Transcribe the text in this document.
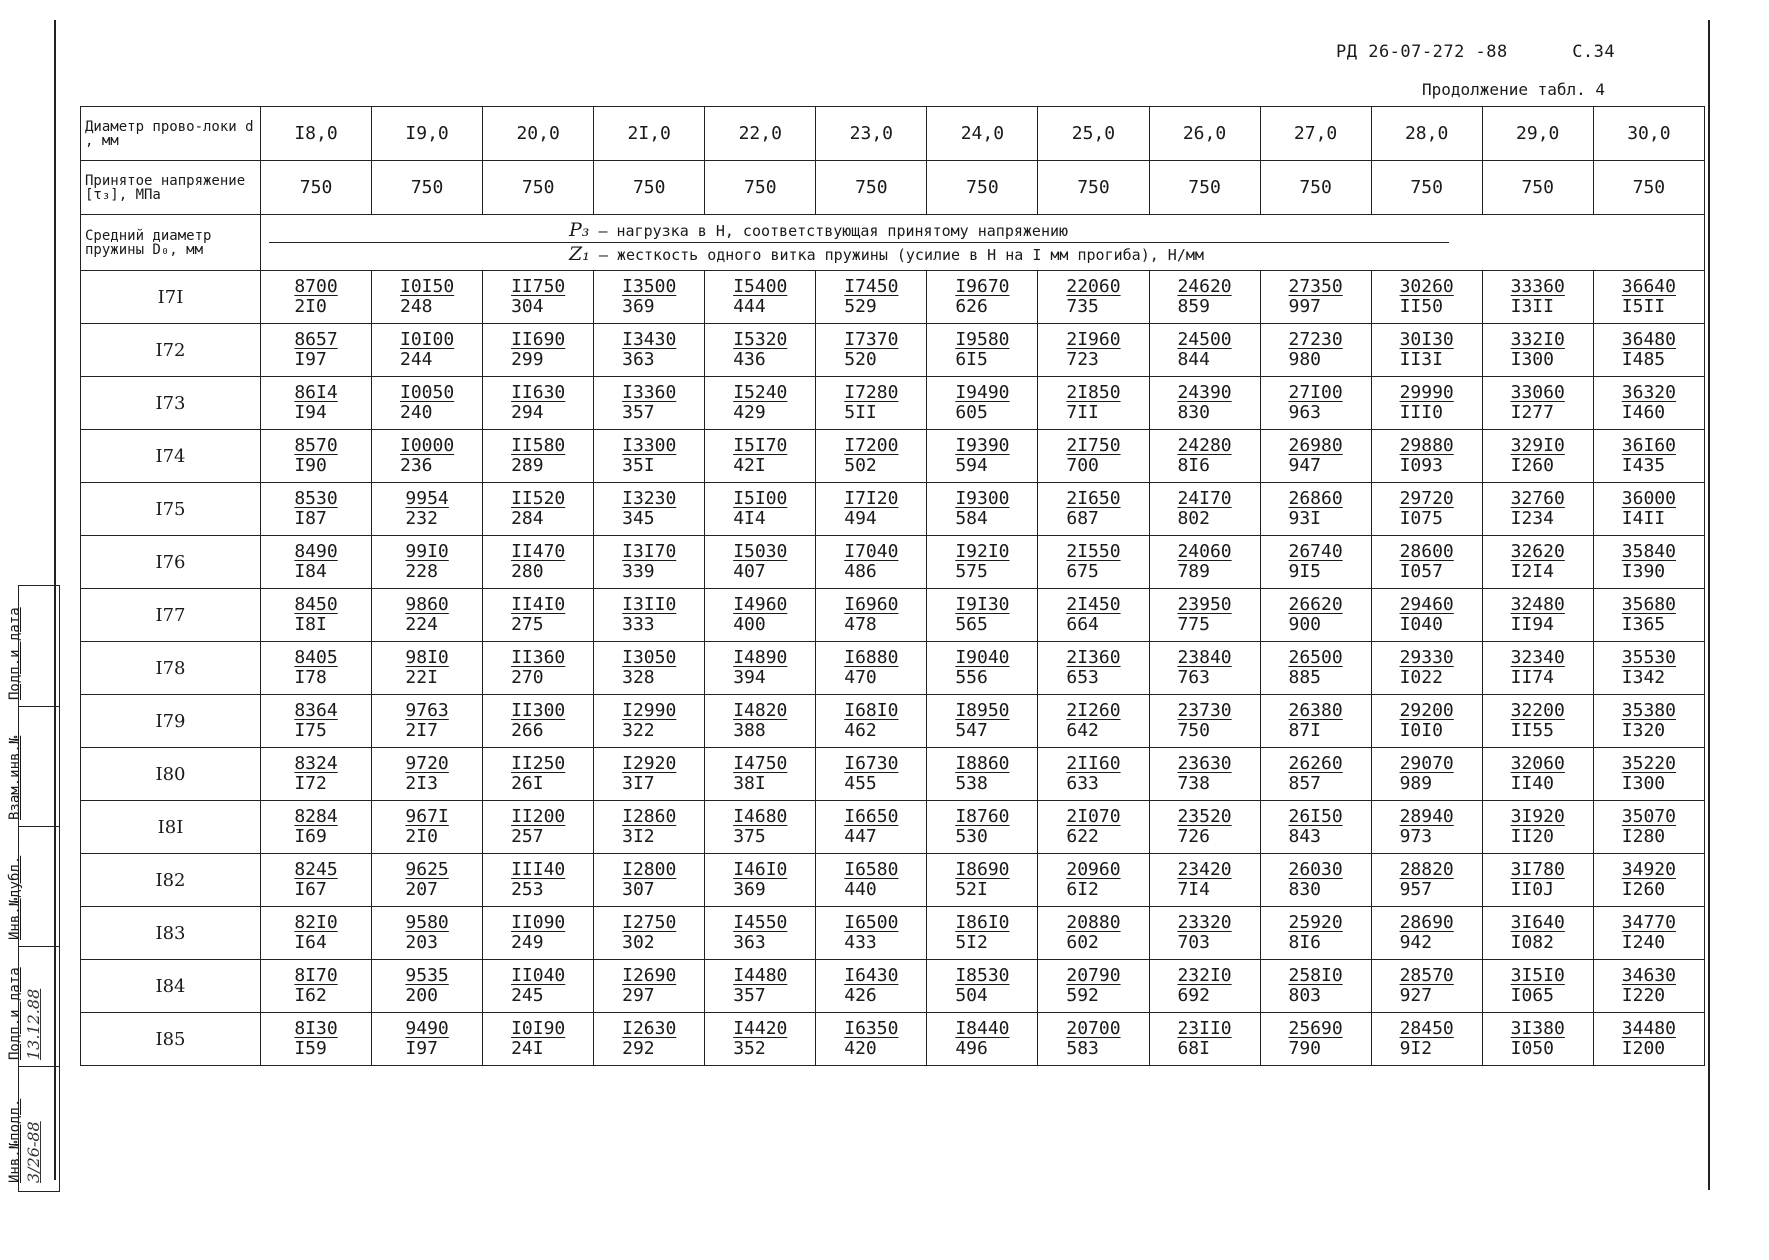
РД 26-07-272 -88	С.34
Продолжение табл. 4
Диаметр прово-локи d , мм	I8,0	I9,0	20,0	2I,0	22,0	23,0	24,0	25,0	26,0	27,0	28,0	29,0	30,0
Принятое напряжение [τ₃], МПа	750	750	750	750	750	750	750	750	750	750	750	750	750
Средний диаметр пружины D₀, мм	P₃ – нагрузка в Н, соответствующая принятому напряжению
Z₁ – жесткость одного витка пружины (усилие в Н на I мм прогиба), Н/мм												

I7I	$\frac{8700}{2I0}$	$\frac{I0I50}{248}$	$\frac{II750}{304}$	$\frac{I3500}{369}$	$\frac{I5400}{444}$	$\frac{I7450}{529}$	$\frac{I9670}{626}$	$\frac{22060}{735}$	$\frac{24620}{859}$	$\frac{27350}{997}$	$\frac{30260}{II50}$	$\frac{33360}{I3II}$	$\frac{36640}{I5II}$

I72	$\frac{8657}{I97}$	$\frac{I0I00}{244}$	$\frac{II690}{299}$	$\frac{I3430}{363}$	$\frac{I5320}{436}$	$\frac{I7370}{520}$	$\frac{I9580}{6I5}$	$\frac{2I960}{723}$	$\frac{24500}{844}$	$\frac{27230}{980}$	$\frac{30I30}{II3I}$	$\frac{332I0}{I300}$	$\frac{36480}{I485}$

I73	$\frac{86I4}{I94}$	$\frac{I0050}{240}$	$\frac{II630}{294}$	$\frac{I3360}{357}$	$\frac{I5240}{429}$	$\frac{I7280}{5II}$	$\frac{I9490}{605}$	$\frac{2I850}{7II}$	$\frac{24390}{830}$	$\frac{27I00}{963}$	$\frac{29990}{\text{III0}}$	$\frac{33060}{I277}$	$\frac{36320}{I460}$

I74	$\frac{8570}{I90}$	$\frac{I0000}{236}$	$\frac{II580}{289}$	$\frac{I3300}{35I}$	$\frac{I5I70}{42I}$	$\frac{I7200}{502}$	$\frac{I9390}{594}$	$\frac{2I750}{700}$	$\frac{24280}{8I6}$	$\frac{26980}{947}$	$\frac{29880}{I093}$	$\frac{329I0}{I260}$	$\frac{36I60}{I435}$

I75	$\frac{8530}{I87}$	$\frac{9954}{232}$	$\frac{II520}{284}$	$\frac{I3230}{345}$	$\frac{I5I00}{4I4}$	$\frac{I7I20}{494}$	$\frac{I9300}{584}$	$\frac{2I650}{687}$	$\frac{24I70}{802}$	$\frac{26860}{93I}$	$\frac{29720}{I075}$	$\frac{32760}{I234}$	$\frac{36000}{I4II}$

I76	$\frac{8490}{I84}$	$\frac{99I0}{228}$	$\frac{II470}{280}$	$\frac{I3I70}{339}$	$\frac{I5030}{407}$	$\frac{I7040}{486}$	$\frac{I92I0}{575}$	$\frac{2I550}{675}$	$\frac{24060}{789}$	$\frac{26740}{9I5}$	$\frac{28600}{I057}$	$\frac{32620}{I2I4}$	$\frac{35840}{I390}$

I77	$\frac{8450}{I8I}$	$\frac{9860}{224}$	$\frac{II4I0}{275}$	$\frac{I3II0}{333}$	$\frac{I4960}{400}$	$\frac{I6960}{478}$	$\frac{I9I30}{565}$	$\frac{2I450}{664}$	$\frac{23950}{775}$	$\frac{26620}{900}$	$\frac{29460}{I040}$	$\frac{32480}{II94}$	$\frac{35680}{I365}$

I78	$\frac{8405}{I78}$	$\frac{98I0}{22I}$	$\frac{II360}{270}$	$\frac{I3050}{328}$	$\frac{I4890}{394}$	$\frac{I6880}{470}$	$\frac{I9040}{556}$	$\frac{2I360}{653}$	$\frac{23840}{763}$	$\frac{26500}{885}$	$\frac{29330}{I022}$	$\frac{32340}{II74}$	$\frac{35530}{I342}$

I79	$\frac{8364}{I75}$	$\frac{9763}{2I7}$	$\frac{II300}{266}$	$\frac{I2990}{322}$	$\frac{I4820}{388}$	$\frac{I68I0}{462}$	$\frac{I8950}{547}$	$\frac{2I260}{642}$	$\frac{23730}{750}$	$\frac{26380}{87I}$	$\frac{29200}{I0I0}$	$\frac{32200}{II55}$	$\frac{35380}{I320}$

I80	$\frac{8324}{I72}$	$\frac{9720}{2I3}$	$\frac{II250}{26I}$	$\frac{I2920}{3I7}$	$\frac{I4750}{38I}$	$\frac{I6730}{455}$	$\frac{I8860}{538}$	$\frac{2II60}{633}$	$\frac{23630}{738}$	$\frac{26260}{857}$	$\frac{29070}{989}$	$\frac{32060}{II40}$	$\frac{35220}{I300}$

I8I	$\frac{8284}{I69}$	$\frac{967I}{2I0}$	$\frac{II200}{257}$	$\frac{I2860}{3I2}$	$\frac{I4680}{375}$	$\frac{I6650}{447}$	$\frac{I8760}{530}$	$\frac{2I070}{622}$	$\frac{23520}{726}$	$\frac{26I50}{843}$	$\frac{28940}{973}$	$\frac{3I920}{II20}$	$\frac{35070}{I280}$

I82	$\frac{8245}{I67}$	$\frac{9625}{207}$	$\frac{\text{III40}}{253}$	$\frac{I2800}{307}$	$\frac{I46I0}{369}$	$\frac{I6580}{440}$	$\frac{I8690}{52I}$	$\frac{20960}{6I2}$	$\frac{23420}{7I4}$	$\frac{26030}{830}$	$\frac{28820}{957}$	$\frac{3I780}{II0J}$	$\frac{34920}{I260}$

I83	$\frac{82I0}{I64}$	$\frac{9580}{203}$	$\frac{II090}{249}$	$\frac{I2750}{302}$	$\frac{I4550}{363}$	$\frac{I6500}{433}$	$\frac{I86I0}{5I2}$	$\frac{20880}{602}$	$\frac{23320}{703}$	$\frac{25920}{8I6}$	$\frac{28690}{942}$	$\frac{3I640}{I082}$	$\frac{34770}{I240}$

I84	$\frac{8I70}{I62}$	$\frac{9535}{200}$	$\frac{II040}{245}$	$\frac{I2690}{297}$	$\frac{I4480}{357}$	$\frac{I6430}{426}$	$\frac{I8530}{504}$	$\frac{20790}{592}$	$\frac{232I0}{692}$	$\frac{258I0}{803}$	$\frac{28570}{927}$	$\frac{3I5I0}{I065}$	$\frac{34630}{I220}$

I85	$\frac{8I30}{I59}$	$\frac{9490}{I97}$	$\frac{I0I90}{24I}$	$\frac{I2630}{292}$	$\frac{I4420}{352}$	$\frac{I6350}{420}$	$\frac{I8440}{496}$	$\frac{20700}{583}$	$\frac{23II0}{68I}$	$\frac{25690}{790}$	$\frac{28450}{9I2}$	$\frac{3I380}{I050}$	$\frac{34480}{I200}$
Подп.и дата
Взам.инв.№
Инв.№дубл.
Подп.и дата 13.12.88
Инв.№подл. 3/26-88
